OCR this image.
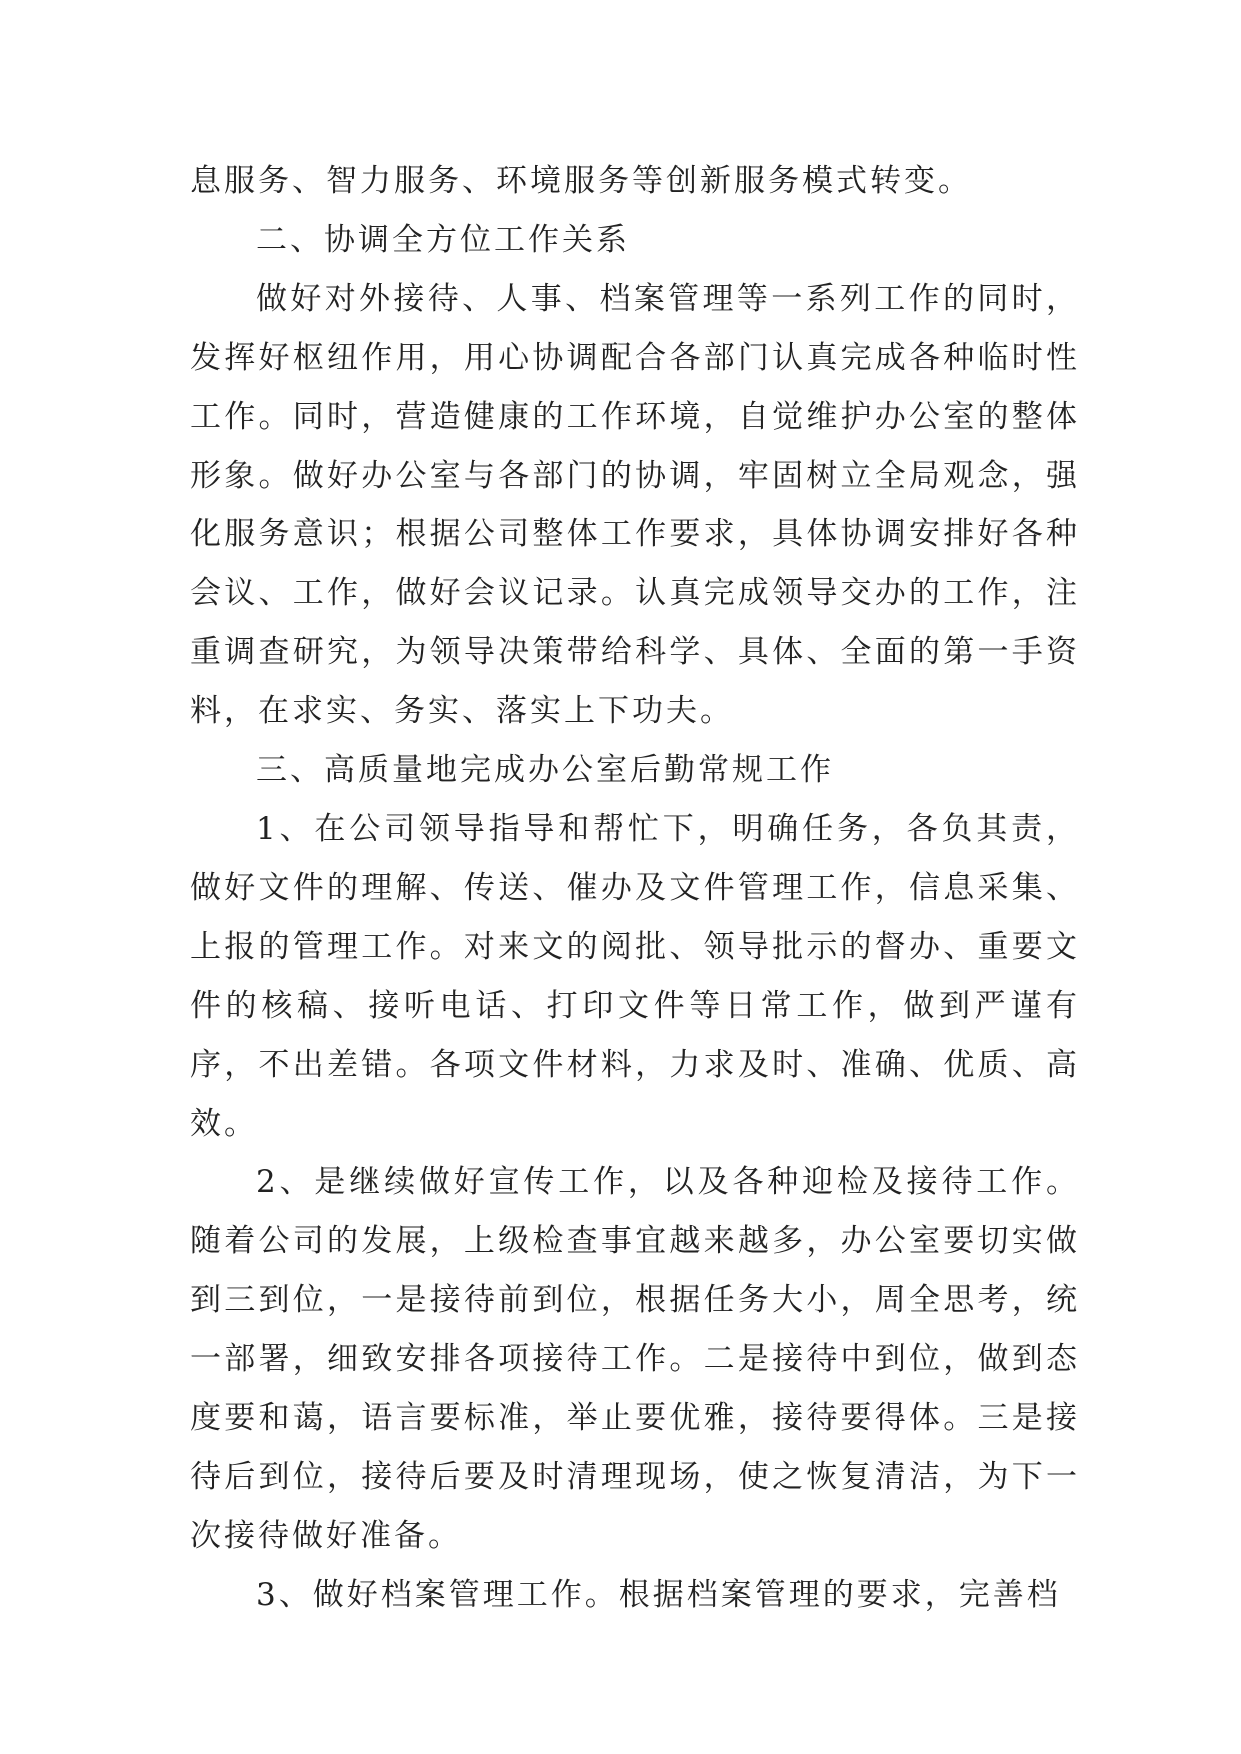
息服务、智力服务、环境服务等创新服务模式转变。

二、协调全方位工作关系

做好对外接待、人事、档案管理等一系列工作的同时，发挥好枢纽作用，用心协调配合各部门认真完成各种临时性工作。同时，营造健康的工作环境，自觉维护办公室的整体形象。做好办公室与各部门的协调，牢固树立全局观念，强化服务意识；根据公司整体工作要求，具体协调安排好各种会议、工作，做好会议记录。认真完成领导交办的工作，注重调查研究，为领导决策带给科学、具体、全面的第一手资料，在求实、务实、落实上下功夫。

三、高质量地完成办公室后勤常规工作

1、在公司领导指导和帮忙下，明确任务，各负其责，做好文件的理解、传送、催办及文件管理工作，信息采集、上报的管理工作。对来文的阅批、领导批示的督办、重要文件的核稿、接听电话、打印文件等日常工作，做到严谨有序，不出差错。各项文件材料，力求及时、准确、优质、高效。

2、是继续做好宣传工作，以及各种迎检及接待工作。随着公司的发展，上级检查事宜越来越多，办公室要切实做到三到位，一是接待前到位，根据任务大小，周全思考，统一部署，细致安排各项接待工作。二是接待中到位，做到态度要和蔼，语言要标准，举止要优雅，接待要得体。三是接待后到位，接待后要及时清理现场，使之恢复清洁，为下一次接待做好准备。

3、做好档案管理工作。根据档案管理的要求，完善档
